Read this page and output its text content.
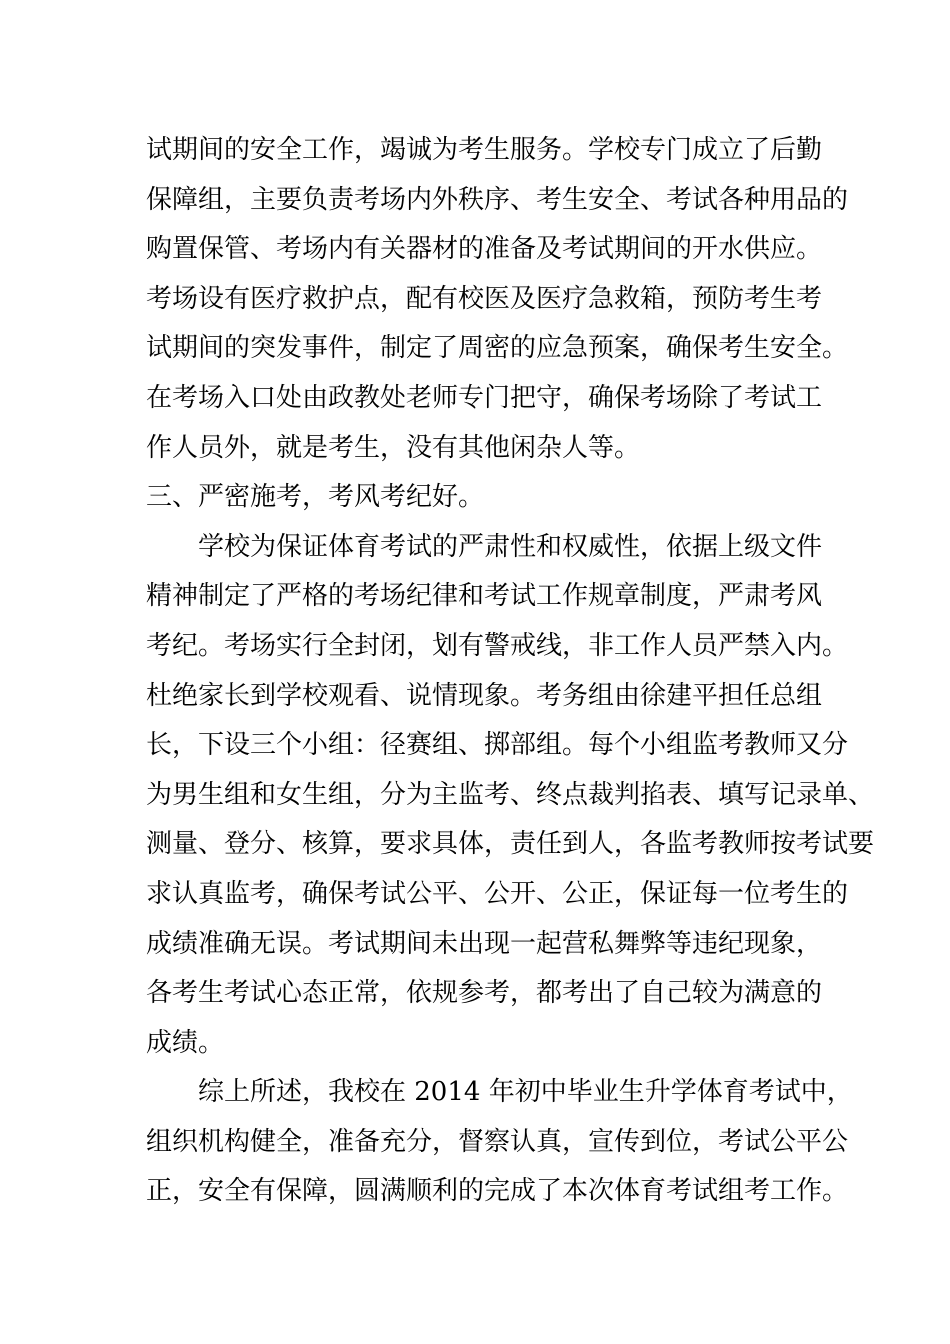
试期间的安全工作，竭诚为考生服务。学校专门成立了后勤
保障组，主要负责考场内外秩序、考生安全、考试各种用品的
购置保管、考场内有关器材的准备及考试期间的开水供应。
考场设有医疗救护点，配有校医及医疗急救箱，预防考生考
试期间的突发事件，制定了周密的应急预案，确保考生安全。
在考场入口处由政教处老师专门把守，确保考场除了考试工
作人员外，就是考生，没有其他闲杂人等。
三、严密施考，考风考纪好。
学校为保证体育考试的严肃性和权威性，依据上级文件
精神制定了严格的考场纪律和考试工作规章制度，严肃考风
考纪。考场实行全封闭，划有警戒线，非工作人员严禁入内。
杜绝家长到学校观看、说情现象。考务组由徐建平担任总组
长，下设三个小组：径赛组、掷部组。每个小组监考教师又分
为男生组和女生组，分为主监考、终点裁判掐表、填写记录单、
测量、登分、核算，要求具体，责任到人，各监考教师按考试要
求认真监考，确保考试公平、公开、公正，保证每一位考生的
成绩准确无误。考试期间未出现一起营私舞弊等违纪现象，
各考生考试心态正常，依规参考，都考出了自己较为满意的
成绩。
综上所述，我校在 2014 年初中毕业生升学体育考试中，
组织机构健全，准备充分，督察认真，宣传到位，考试公平公
正，安全有保障，圆满顺利的完成了本次体育考试组考工作。
